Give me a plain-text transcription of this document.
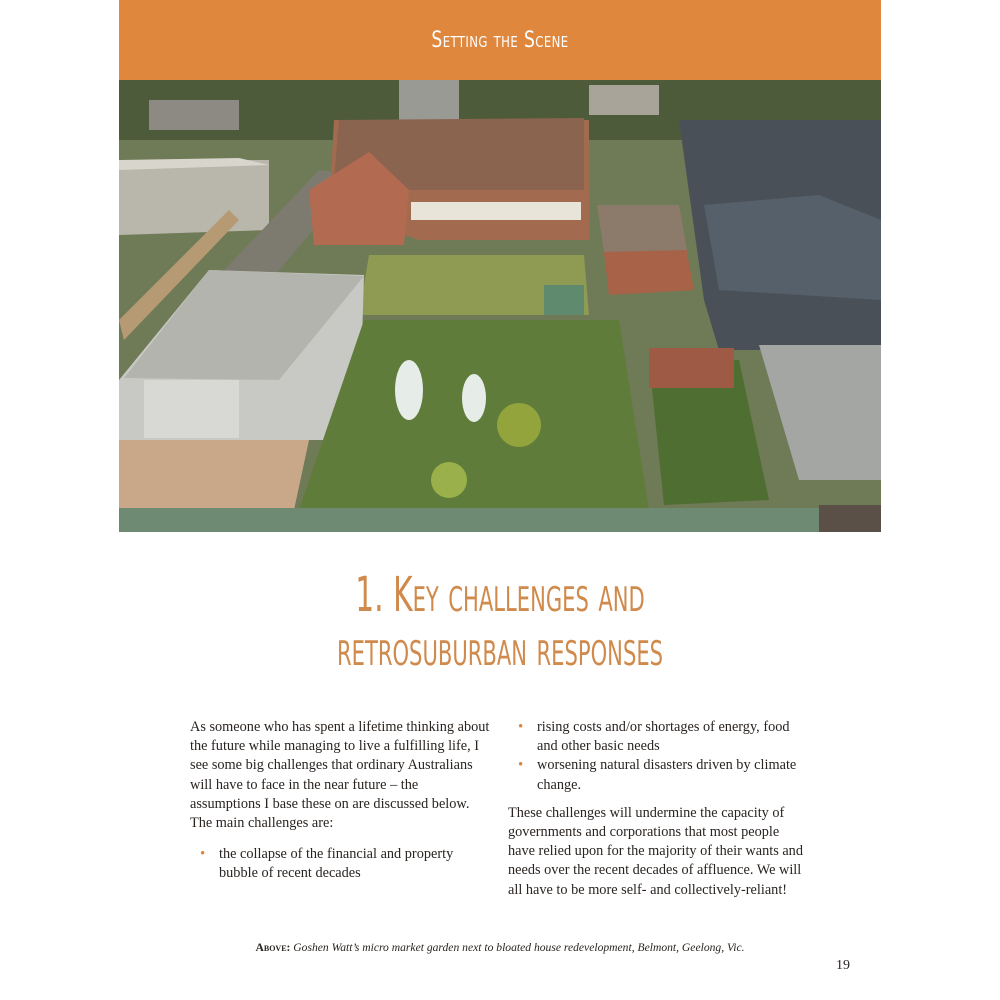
Setting the Scene
1. Key challenges and
retrosuburban responses

As someone who has spent a lifetime thinking about the future while managing to live a fulfilling life, I see some big challenges that ordinary Australians will have to face in the near future – the assumptions I base these on are discussed below. The main challenges are:

• the collapse of the financial and property bubble of recent decades
• rising costs and/or shortages of energy, food and other basic needs
• worsening natural disasters driven by climate change.

These challenges will undermine the capacity of governments and corporations that most people have relied upon for the majority of their wants and needs over the recent decades of affluence. We will all have to be more self- and collectively-reliant!

Above: Goshen Watt’s micro market garden next to bloated house redevelopment, Belmont, Geelong, Vic.
19
